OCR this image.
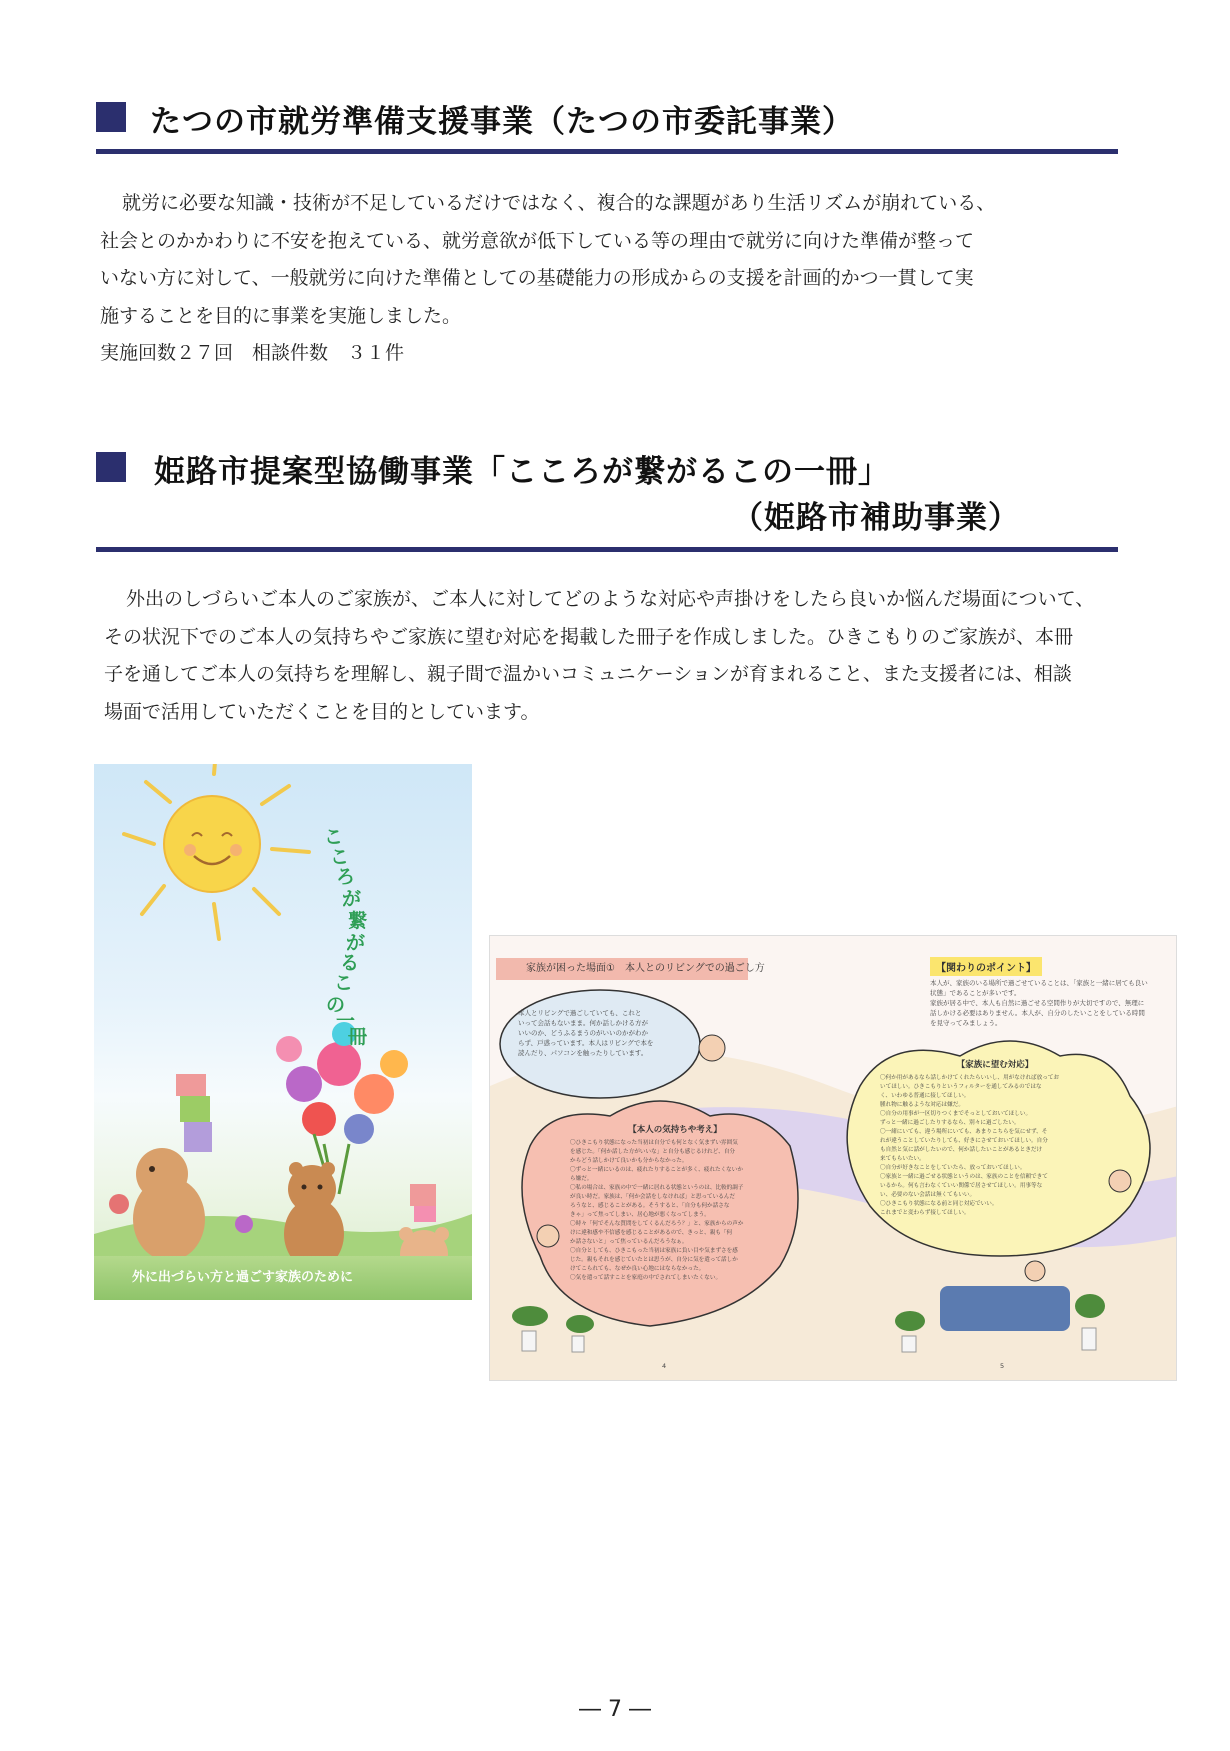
たつの市就労準備支援事業（たつの市委託事業）

就労に必要な知識・技術が不足しているだけではなく、複合的な課題があり生活リズムが崩れている、

社会とのかかわりに不安を抱えている、就労意欲が低下している等の理由で就労に向けた準備が整って

いない方に対して、一般就労に向けた準備としての基礎能力の形成からの支援を計画的かつ一貫して実

施することを目的に事業を実施しました。

実施回数２７回　相談件数　３１件

姫路市提案型協働事業「こころが繋がるこの一冊」
（姫路市補助事業）

外出のしづらいご本人のご家族が、ご本人に対してどのような対応や声掛けをしたら良いか悩んだ場面について、

その状況下でのご本人の気持ちやご家族に望む対応を掲載した冊子を作成しました。ひきこもりのご家族が、本冊

子を通してご本人の気持ちを理解し、親子間で温かいコミュニケーションが育まれること、また支援者には、相談

場面で活用していただくことを目的としています。

こ
こ
ろ
が
繋
が
る
こ
の
一
冊
外に出づらい方と過ごす家族のために
家族が困った場面①　本人とのリビングでの過ごし方	【関わりのポイント】

本人が、家族のいる場所で過ごせていることは、「家族と一緒に居ても良い

状態」であることが多いです。

家族が居る中で、本人も自然に過ごせる空間作りが大切ですので、無理に

話しかける必要はありません。本人が、自分のしたいことをしている時間

を見守ってみましょう。

本人とリビングで過ごしていても、これと

いって会話もないまま。何か話しかける方が

いいのか、どうふるまうのがいいのかがわか

らず、戸惑っています。本人はリビングで本を

読んだり、パソコンを触ったりしています。

【本人の気持ちや考え】

〇ひきこもり状態になった当初は自分でも何となく気まずい雰囲気

を感じた。「何か話した方がいいな」と自分も感じるけれど、自分

からどう話しかけて良いかも分からなかった。

〇ずっと一緒にいるのは、疲れたりすることが多く、疲れたくないか

ら嫌だ。

〇私の場合は、家族の中で一緒に居れる状態というのは、比較的調子

が良い時だ。家族は、「何か会話をしなければ」と思っているんだ

ろうなと、感じることがある。そうすると、「自分も何か話さな

きゃ」って焦ってしまい、居心地が悪くなってしまう。

〇時々「何でそんな質問をしてくるんだろう？」と、家族からの声か

けに違和感や不信感を感じることがあるので、きっと、親も「何

か話さないと」って焦っているんだろうなぁ。

〇自分としても、ひきこもった当初は家族に負い目や気まずさを感

じた。親もそれを感じていたとは思うが、自分に気を遣って話しか

けてこられても、なぜか良い心地にはならなかった。

〇気を遣って話すことを家庭の中でされてしまいたくない。

【家族に望む対応】

〇何か用があるなら話しかけてくれたらいいし、用がなければ放ってお

いてほしい。ひきこもりというフィルターを通してみるのではな

く、いわゆる普通に接してほしい。

腫れ物に触るような対応は嫌だ。

〇自分の用事が一区切りつくまでそっとしておいてほしい。

ずっと一緒に過ごしたりするなら、別々に過ごしたい。

〇一緒にいても、違う場所にいても、あまりこちらを気にせず、そ

れが違うことしていたりしても、好きにさせておいてほしい。自分

も自然と気に話がしたいので、何か話したいことがあるときだけ

来てもらいたい。

〇自分が好きなことをしていたら、放っておいてほしい。

〇家族と一緒に過ごせる状態というのは、家族のことを信頼できて

いるから。何も言わなくていい関係で居させてほしい。用事等な

い、必要のない会話は無くてもいい。

〇ひきこもり状態になる前と同じ対応でいい。

これまでと変わらず接してほしい。

4	5
― 7 ―
